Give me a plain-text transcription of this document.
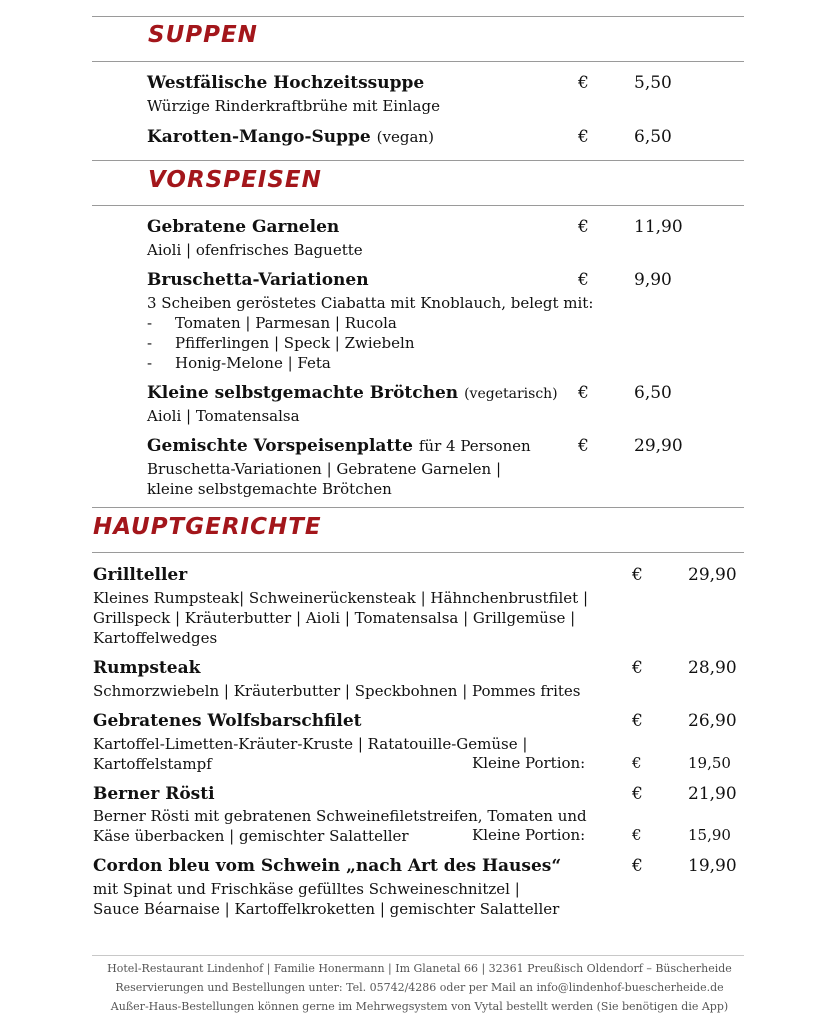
SUPPEN
Westfälische Hochzeitssuppe	€	5,50
Würzige Rinderkraftbrühe mit Einlage
Karotten-Mango-Suppe (vegan)	€	6,50
VORSPEISEN
Gebratene Garnelen	€	11,90
Aioli | ofenfrisches Baguette
Bruschetta-Variationen	€	9,90
3 Scheiben geröstetes Ciabatta mit Knoblauch, belegt mit:
- Tomaten | Parmesan | Rucola
- Pfifferlingen | Speck | Zwiebeln
- Honig-Melone | Feta
Kleine selbstgemachte Brötchen (vegetarisch) €	6,50
Aioli | Tomatensalsa
Gemischte Vorspeisenplatte für 4 Personen	€	29,90
Bruschetta-Variationen | Gebratene Garnelen |
kleine selbstgemachte Brötchen
HAUPTGERICHTE
Grillteller	€	29,90
Kleines Rumpsteak| Schweinerückensteak | Hähnchenbrustfilet |
Grillspeck | Kräuterbutter | Aioli | Tomatensalsa | Grillgemüse |
Kartoffelwedges
Rumpsteak	€	28,90
Schmorzwiebeln | Kräuterbutter | Speckbohnen | Pommes frites
Gebratenes Wolfsbarschfilet	€	26,90
Kartoffel-Limetten-Kräuter-Kruste | Ratatouille-Gemüse |
Kartoffelstampf	Kleine Portion:	€	19,50
Berner Rösti	€	21,90
Berner Rösti mit gebratenen Schweinefiletstreifen, Tomaten und
Käse überbacken | gemischter Salatteller	Kleine Portion:	€	15,90
Cordon bleu vom Schwein „nach Art des Hauses“	€	19,90
mit Spinat und Frischkäse gefülltes Schweineschnitzel |
Sauce Béarnaise | Kartoffelkroketten | gemischter Salatteller
Hotel-Restaurant Lindenhof | Familie Honermann | Im Glanetal 66 | 32361 Preußisch Oldendorf – Büscherheide
Reservierungen und Bestellungen unter: Tel. 05742/4286 oder per Mail an info@lindenhof-buescherheide.de
Außer-Haus-Bestellungen können gerne im Mehrwegsystem von Vytal bestellt werden (Sie benötigen die App)
